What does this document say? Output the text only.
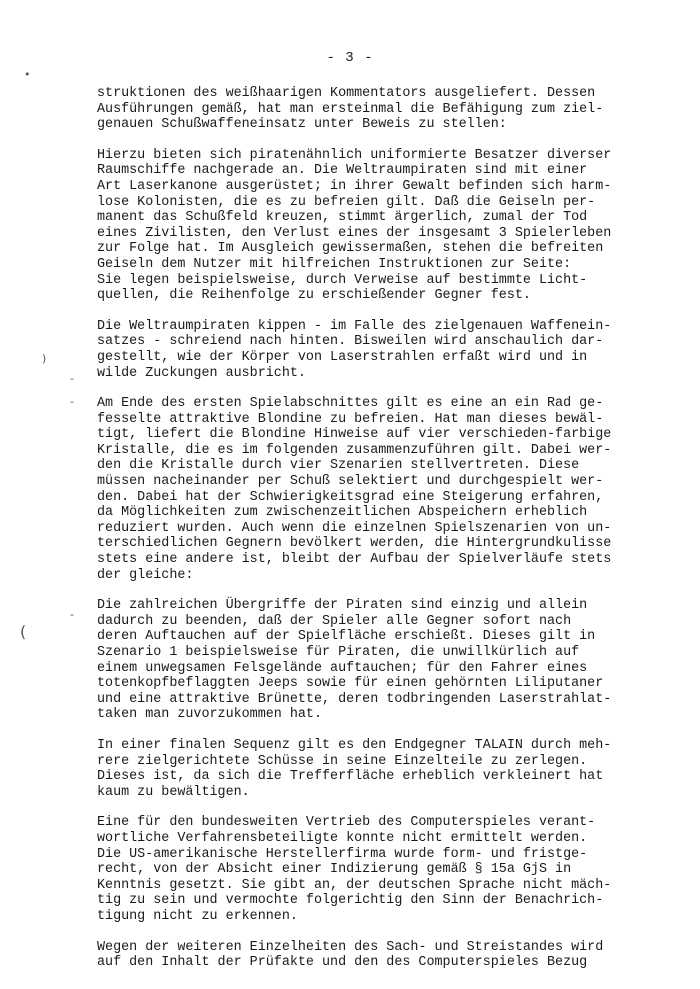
- 3 -
•
)
-
-
-
(

struktionen des weißhaarigen Kommentators ausgeliefert. Dessen
Ausführungen gemäß, hat man ersteinmal die Befähigung zum ziel-
genauen Schußwaffeneinsatz unter Beweis zu stellen:

Hierzu bieten sich piratenähnlich uniformierte Besatzer diverser
Raumschiffe nachgerade an. Die Weltraumpiraten sind mit einer
Art Laserkanone ausgerüstet; in ihrer Gewalt befinden sich harm-
lose Kolonisten, die es zu befreien gilt. Daß die Geiseln per-
manent das Schußfeld kreuzen, stimmt ärgerlich, zumal der Tod
eines Zivilisten, den Verlust eines der insgesamt 3 Spielerleben
zur Folge hat. Im Ausgleich gewissermaßen, stehen die befreiten
Geiseln dem Nutzer mit hilfreichen Instruktionen zur Seite:
Sie legen beispielsweise, durch Verweise auf bestimmte Licht-
quellen, die Reihenfolge zu erschießender Gegner fest.

Die Weltraumpiraten kippen - im Falle des zielgenauen Waffenein-
satzes - schreiend nach hinten. Bisweilen wird anschaulich dar-
gestellt, wie der Körper von Laserstrahlen erfaßt wird und in
wilde Zuckungen ausbricht.

Am Ende des ersten Spielabschnittes gilt es eine an ein Rad ge-
fesselte attraktive Blondine zu befreien. Hat man dieses bewäl-
tigt, liefert die Blondine Hinweise auf vier verschieden-farbige
Kristalle, die es im folgenden zusammenzuführen gilt. Dabei wer-
den die Kristalle durch vier Szenarien stellvertreten. Diese
müssen nacheinander per Schuß selektiert und durchgespielt wer-
den. Dabei hat der Schwierigkeitsgrad eine Steigerung erfahren,
da Möglichkeiten zum zwischenzeitlichen Abspeichern erheblich
reduziert wurden. Auch wenn die einzelnen Spielszenarien von un-
terschiedlichen Gegnern bevölkert werden, die Hintergrundkulisse
stets eine andere ist, bleibt der Aufbau der Spielverläufe stets
der gleiche:

Die zahlreichen Übergriffe der Piraten sind einzig und allein
dadurch zu beenden, daß der Spieler alle Gegner sofort nach
deren Auftauchen auf der Spielfläche erschießt. Dieses gilt in
Szenario 1 beispielsweise für Piraten, die unwillkürlich auf
einem unwegsamen Felsgelände auftauchen; für den Fahrer eines
totenkopfbeflaggten Jeeps sowie für einen gehörnten Liliputaner
und eine attraktive Brünette, deren todbringenden Laserstrahlat-
taken man zuvorzukommen hat.

In einer finalen Sequenz gilt es den Endgegner TALAIN durch meh-
rere zielgerichtete Schüsse in seine Einzelteile zu zerlegen.
Dieses ist, da sich die Trefferfläche erheblich verkleinert hat
kaum zu bewältigen.

Eine für den bundesweiten Vertrieb des Computerspieles verant-
wortliche Verfahrensbeteiligte konnte nicht ermittelt werden.
Die US-amerikanische Herstellerfirma wurde form- und fristge-
recht, von der Absicht einer Indizierung gemäß § 15a GjS in
Kenntnis gesetzt. Sie gibt an, der deutschen Sprache nicht mäch-
tig zu sein und vermochte folgerichtig den Sinn der Benachrich-
tigung nicht zu erkennen.

Wegen der weiteren Einzelheiten des Sach- und Streistandes wird
auf den Inhalt der Prüfakte und den des Computerspieles Bezug
